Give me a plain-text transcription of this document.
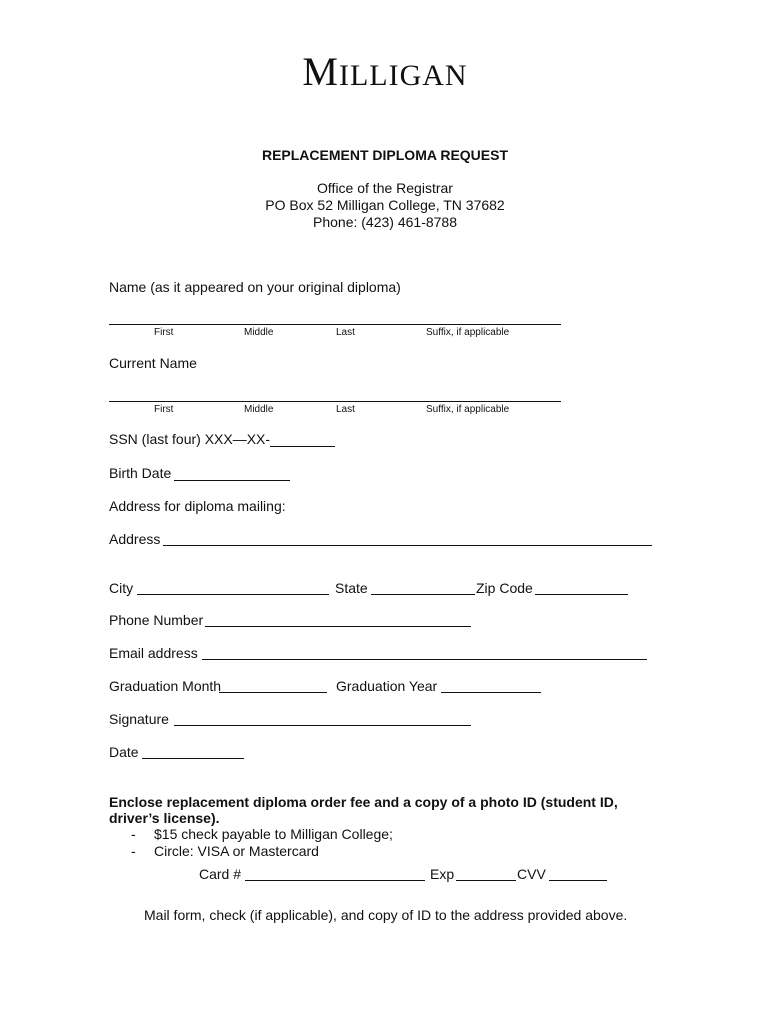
MILLIGAN
REPLACEMENT DIPLOMA REQUEST
Office of the Registrar
PO Box 52 Milligan College, TN 37682
Phone: (423) 461-8788
Name (as it appeared on your original diploma)
First	Middle	Last	Suffix, if applicable
Current Name
First	Middle	Last	Suffix, if applicable
SSN (last four) XXX—XX-
Birth Date
Address for diploma mailing:
Address
City	State	Zip Code
Phone Number
Email address
Graduation Month	Graduation Year
Signature
Date
Enclose replacement diploma order fee and a copy of a photo ID (student ID,
driver’s license).
- $15 check payable to Milligan College;
- Circle: VISA or Mastercard
Card #	Exp	CVV
Mail form, check (if applicable), and copy of ID to the address provided above.
